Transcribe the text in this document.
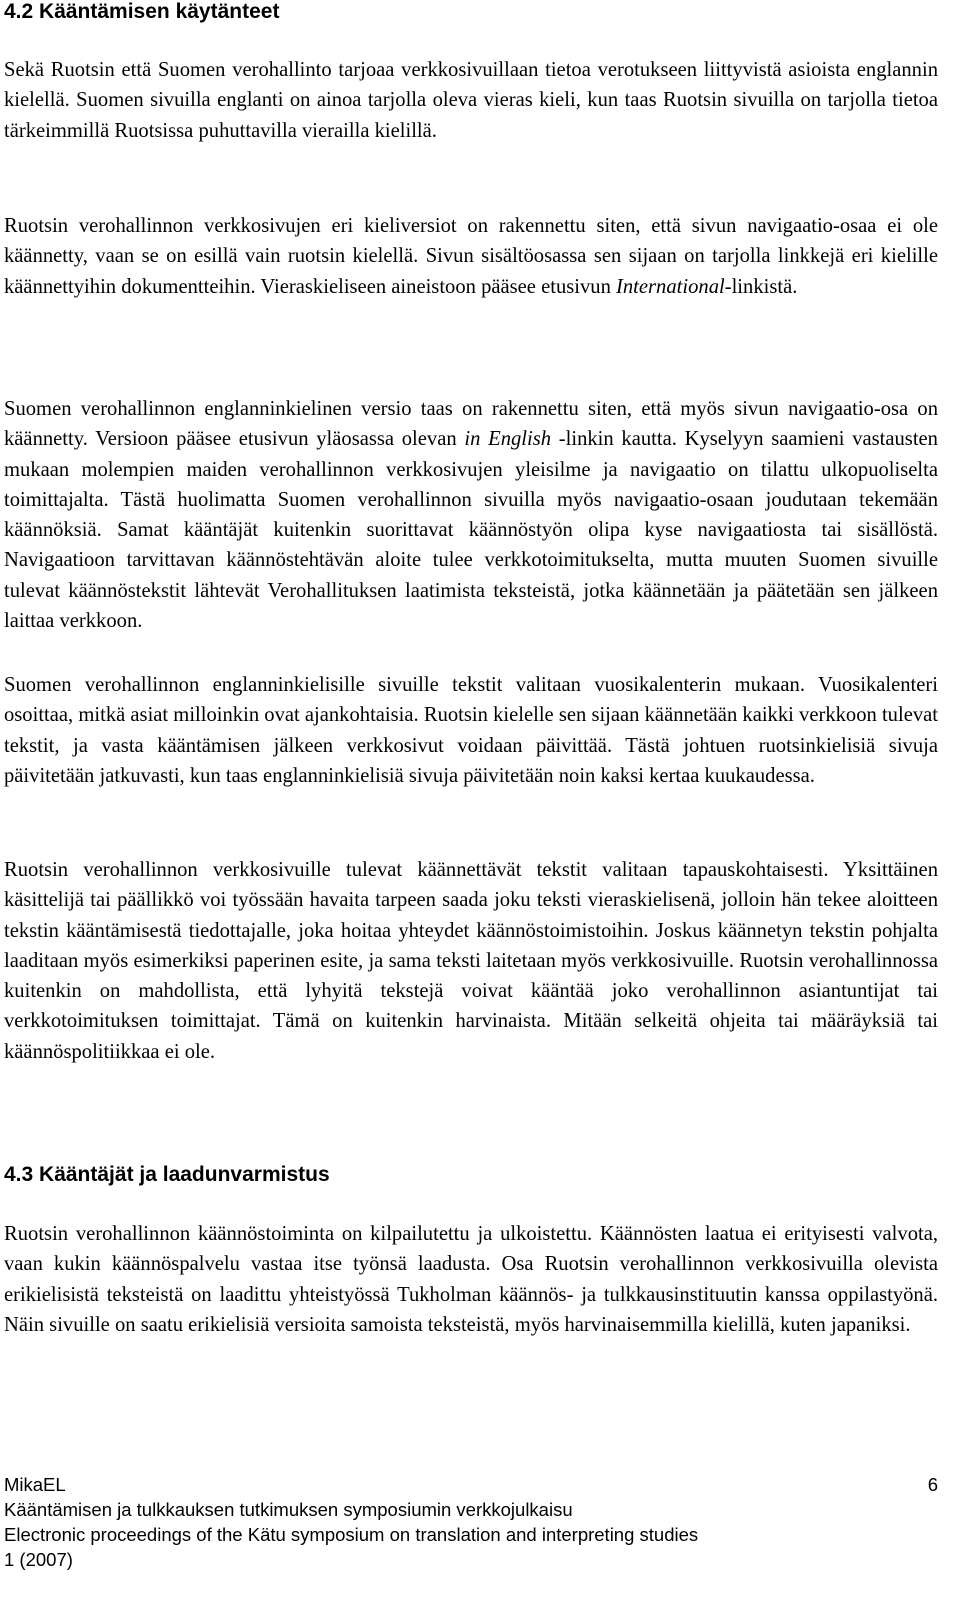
4.2 Kääntämisen käytänteet

Sekä Ruotsin että Suomen verohallinto tarjoaa verkkosivuillaan tietoa verotukseen liittyvistä asioista englannin kielellä. Suomen sivuilla englanti on ainoa tarjolla oleva vieras kieli, kun taas Ruotsin sivuilla on tarjolla tietoa tärkeimmillä Ruotsissa puhuttavilla vierailla kielillä.

Ruotsin verohallinnon verkkosivujen eri kieliversiot on rakennettu siten, että sivun navigaatio-osaa ei ole käännetty, vaan se on esillä vain ruotsin kielellä. Sivun sisältöosassa sen sijaan on tarjolla linkkejä eri kielille käännettyihin dokumentteihin. Vieraskieliseen aineistoon pääsee etusivun International-linkistä.

Suomen verohallinnon englanninkielinen versio taas on rakennettu siten, että myös sivun navigaatio-osa on käännetty. Versioon pääsee etusivun yläosassa olevan in English -linkin kautta. Kyselyyn saamieni vastausten mukaan molempien maiden verohallinnon verkkosivujen yleisilme ja navigaatio on tilattu ulkopuoliselta toimittajalta. Tästä huolimatta Suomen verohallinnon sivuilla myös navigaatio-osaan joudutaan tekemään käännöksiä. Samat kääntäjät kuitenkin suorittavat käännöstyön olipa kyse navigaatiosta tai sisällöstä. Navigaatioon tarvittavan käännöstehtävän aloite tulee verkkotoimitukselta, mutta muuten Suomen sivuille tulevat käännöstekstit lähtevät Verohallituksen laatimista teksteistä, jotka käännetään ja päätetään sen jälkeen laittaa verkkoon.

Suomen verohallinnon englanninkielisille sivuille tekstit valitaan vuosikalenterin mukaan. Vuosikalenteri osoittaa, mitkä asiat milloinkin ovat ajankohtaisia. Ruotsin kielelle sen sijaan käännetään kaikki verkkoon tulevat tekstit, ja vasta kääntämisen jälkeen verkkosivut voidaan päivittää. Tästä johtuen ruotsinkielisiä sivuja päivitetään jatkuvasti, kun taas englanninkielisiä sivuja päivitetään noin kaksi kertaa kuukaudessa.

Ruotsin verohallinnon verkkosivuille tulevat käännettävät tekstit valitaan tapauskohtaisesti. Yksittäinen käsittelijä tai päällikkö voi työssään havaita tarpeen saada joku teksti vieraskielisenä, jolloin hän tekee aloitteen tekstin kääntämisestä tiedottajalle, joka hoitaa yhteydet käännöstoimistoihin. Joskus käännetyn tekstin pohjalta laaditaan myös esimerkiksi paperinen esite, ja sama teksti laitetaan myös verkkosivuille. Ruotsin verohallinnossa kuitenkin on mahdollista, että lyhyitä tekstejä voivat kääntää joko verohallinnon asiantuntijat tai verkkotoimituksen toimittajat. Tämä on kuitenkin harvinaista. Mitään selkeitä ohjeita tai määräyksiä tai käännöspolitiikkaa ei ole.

4.3 Kääntäjät ja laadunvarmistus

Ruotsin verohallinnon käännöstoiminta on kilpailutettu ja ulkoistettu. Käännösten laatua ei erityisesti valvota, vaan kukin käännöspalvelu vastaa itse työnsä laadusta. Osa Ruotsin verohallinnon verkkosivuilla olevista erikielisistä teksteistä on laadittu yhteistyössä Tukholman käännös- ja tulkkausinstituutin kanssa oppilastyönä. Näin sivuille on saatu erikielisiä versioita samoista teksteistä, myös harvinaisemmilla kielillä, kuten japaniksi.

MikaEL	6
Kääntämisen ja tulkkauksen tutkimuksen symposiumin verkkojulkaisu
Electronic proceedings of the Kätu symposium on translation and interpreting studies
1 (2007)
